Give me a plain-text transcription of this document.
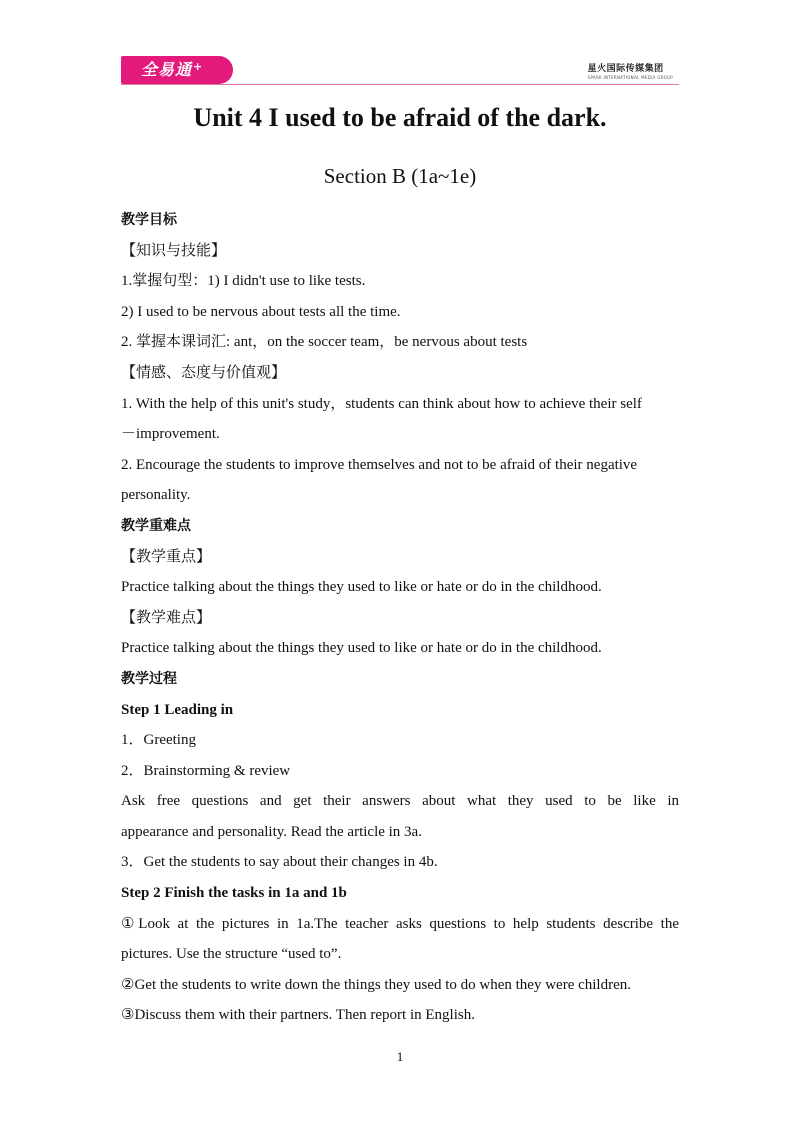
全易通+	星火国际传媒集团
SPARK INTERNATIONAL MEDIA GROUP
Unit 4 I used to be afraid of the dark.
Section B (1a~1e)

教学目标

【知识与技能】

1.掌握句型：1) I didn't use to like tests.

2) I used to be nervous about tests all the time.

2. 掌握本课词汇: ant，on the soccer team，be nervous about tests

【情感、态度与价值观】

1. With the help of this unit's study，students can think about how to achieve their self

－improvement.

2. Encourage the students to improve themselves and not to be afraid of their negative

personality.

教学重难点

【教学重点】

Practice talking about the things they used to like or hate or do in the childhood.

【教学难点】

Practice talking about the things they used to like or hate or do in the childhood.

教学过程

Step 1 Leading in

1．Greeting

2．Brainstorming & review

Ask free questions and get their answers about what they used to be like in

appearance and personality. Read the article in 3a.

3．Get the students to say about their changes in 4b.

Step 2 Finish the tasks in 1a and 1b

①Look at the pictures in 1a.The teacher asks questions to help students describe the

pictures. Use the structure “used to”.

②Get the students to write down the things they used to do when they were children.

③Discuss them with their partners. Then report in English.

1
